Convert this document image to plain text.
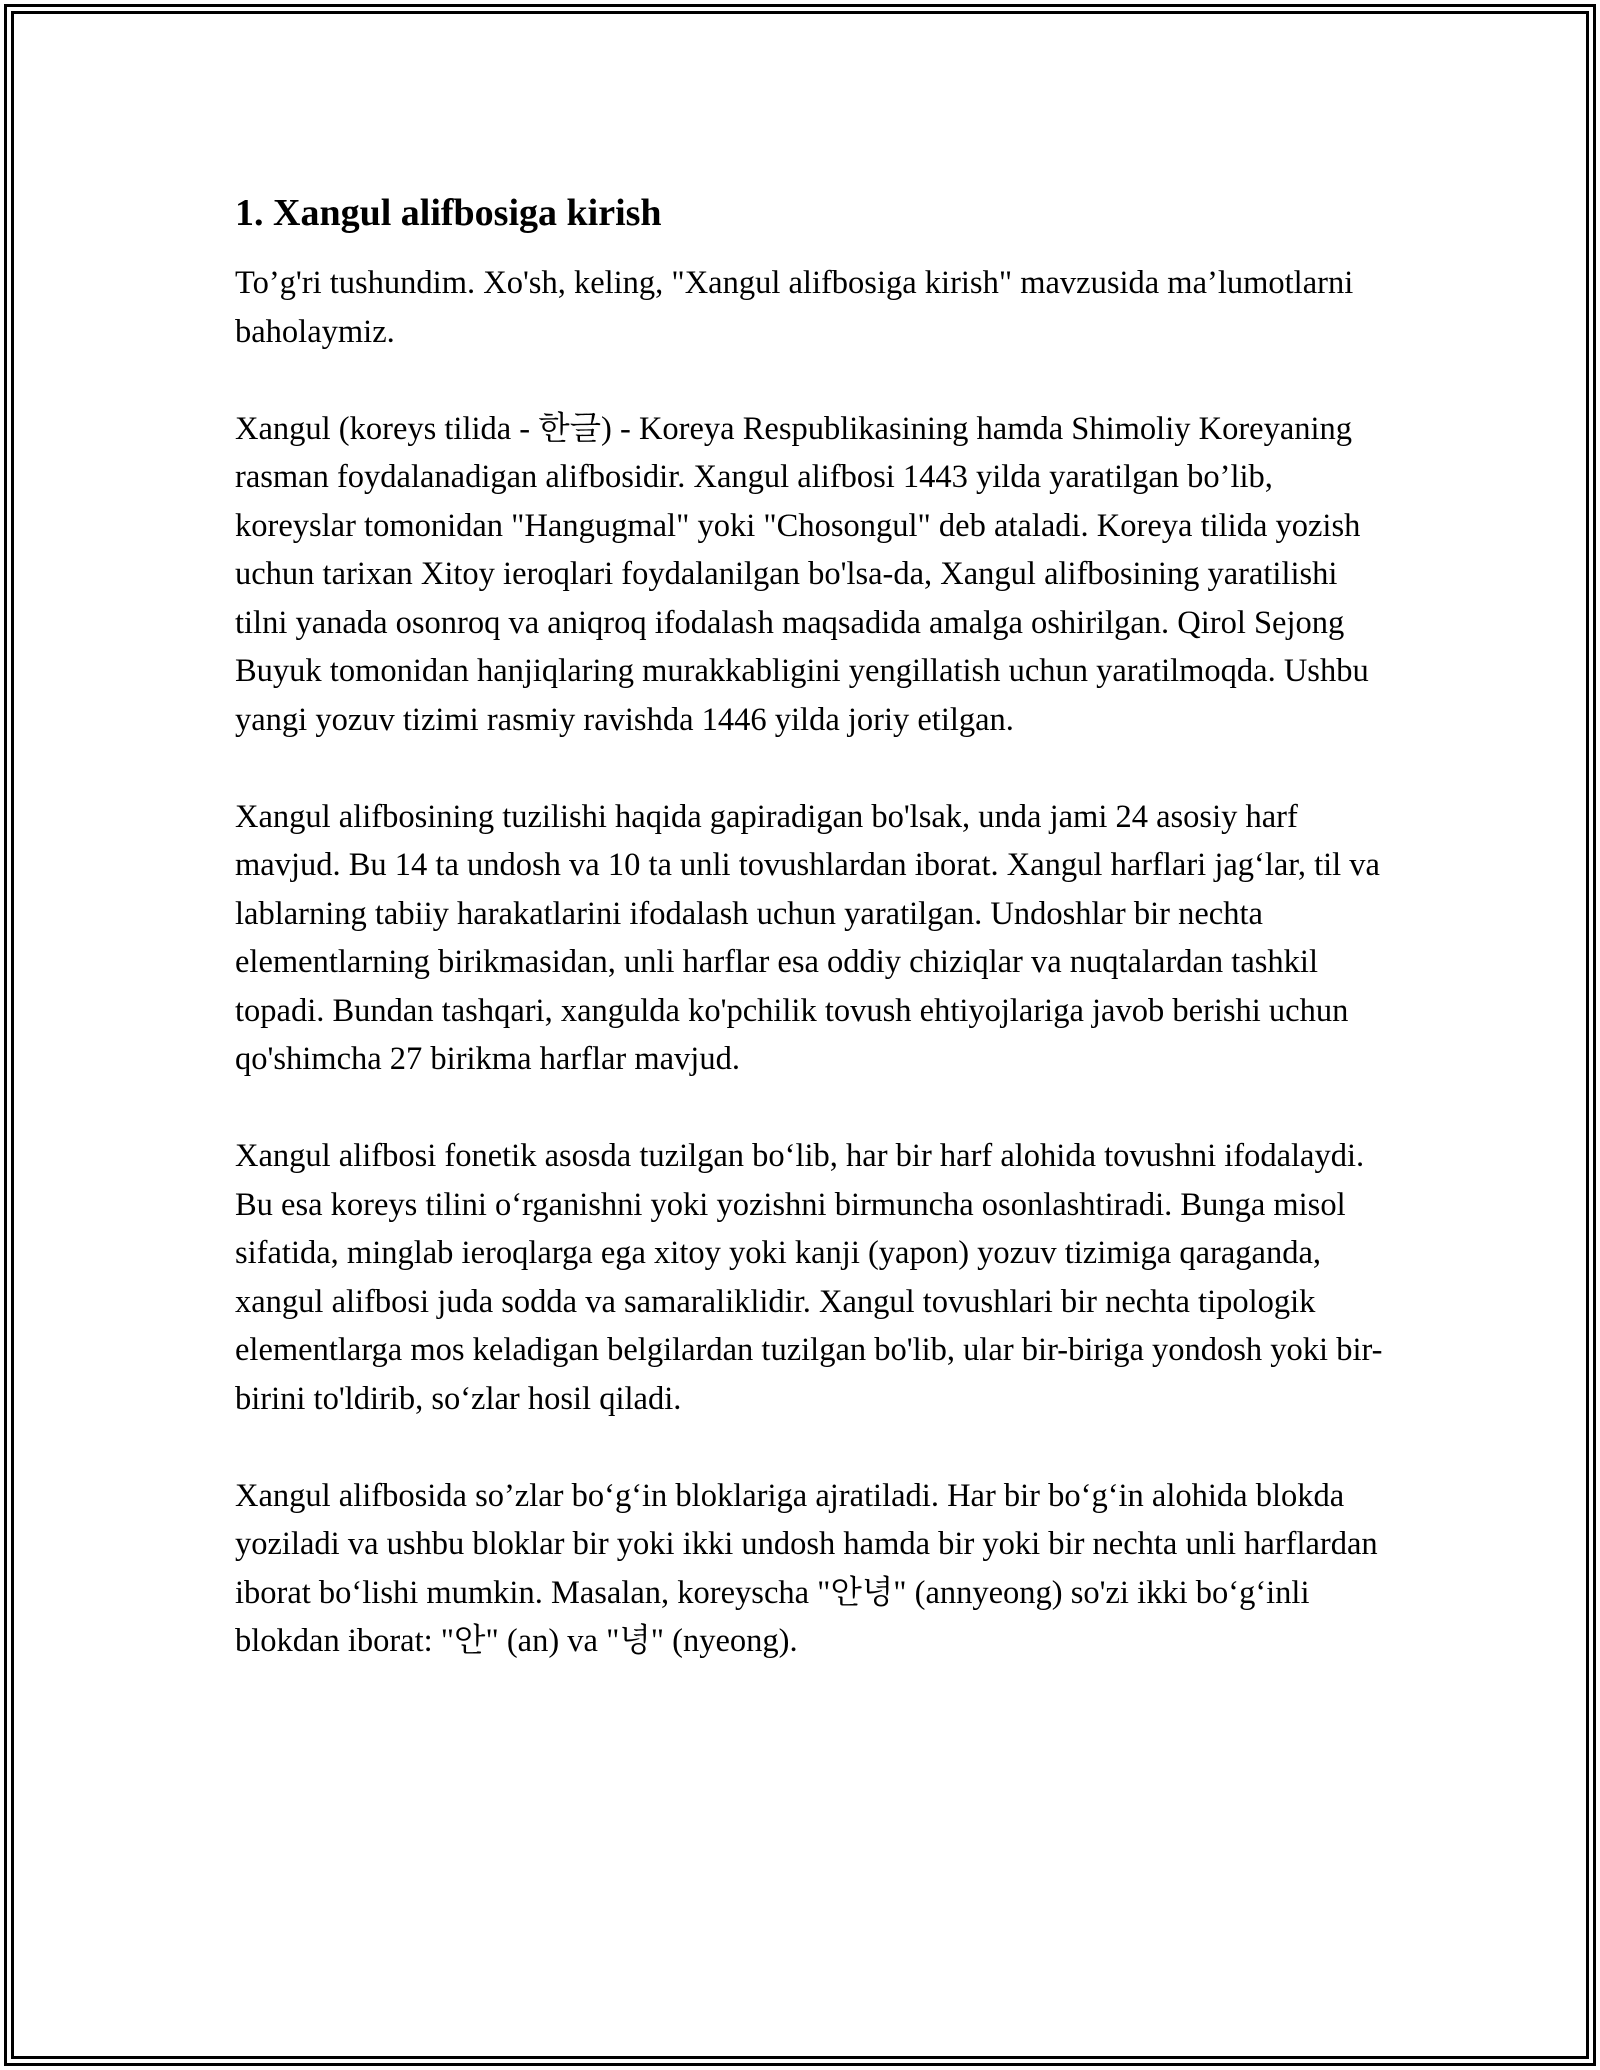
1. Xangul alifbosiga kirish

To’g'ri tushundim. Xo'sh, keling, "Xangul alifbosiga kirish" mavzusida ma’lumotlarni baholaymiz.

Xangul (koreys tilida - 한글) - Koreya Respublikasining hamda Shimoliy Koreyaning rasman foydalanadigan alifbosidir. Xangul alifbosi 1443 yilda yaratilgan bo’lib, koreyslar tomonidan "Hangugmal" yoki "Chosongul" deb ataladi. Koreya tilida yozish uchun tarixan Xitoy ieroqlari foydalanilgan bo'lsa-da, Xangul alifbosining yaratilishi tilni yanada osonroq va aniqroq ifodalash maqsadida amalga oshirilgan. Qirol Sejong Buyuk tomonidan hanjiqlaring murakkabligini yengillatish uchun yaratilmoqda. Ushbu yangi yozuv tizimi rasmiy ravishda 1446 yilda joriy etilgan.

Xangul alifbosining tuzilishi haqida gapiradigan bo'lsak, unda jami 24 asosiy harf mavjud. Bu 14 ta undosh va 10 ta unli tovushlardan iborat. Xangul harflari jag‘lar, til va lablarning tabiiy harakatlarini ifodalash uchun yaratilgan. Undoshlar bir nechta elementlarning birikmasidan, unli harflar esa oddiy chiziqlar va nuqtalardan tashkil topadi. Bundan tashqari, xangulda ko'pchilik tovush ehtiyojlariga javob berishi uchun qo'shimcha 27 birikma harflar mavjud.

Xangul alifbosi fonetik asosda tuzilgan bo‘lib, har bir harf alohida tovushni ifodalaydi. Bu esa koreys tilini o‘rganishni yoki yozishni birmuncha osonlashtiradi. Bunga misol sifatida, minglab ieroqlarga ega xitoy yoki kanji (yapon) yozuv tizimiga qaraganda, xangul alifbosi juda sodda va samaraliklidir. Xangul tovushlari bir nechta tipologik elementlarga mos keladigan belgilardan tuzilgan bo'lib, ular bir-biriga yondosh yoki bir-birini to'ldirib, so‘zlar hosil qiladi.

Xangul alifbosida so’zlar bo‘g‘in bloklariga ajratiladi. Har bir bo‘g‘in alohida blokda yoziladi va ushbu bloklar bir yoki ikki undosh hamda bir yoki bir nechta unli harflardan iborat bo‘lishi mumkin. Masalan, koreyscha "안녕" (annyeong) so'zi ikki bo‘g‘inli blokdan iborat: "안" (an) va "녕" (nyeong).
